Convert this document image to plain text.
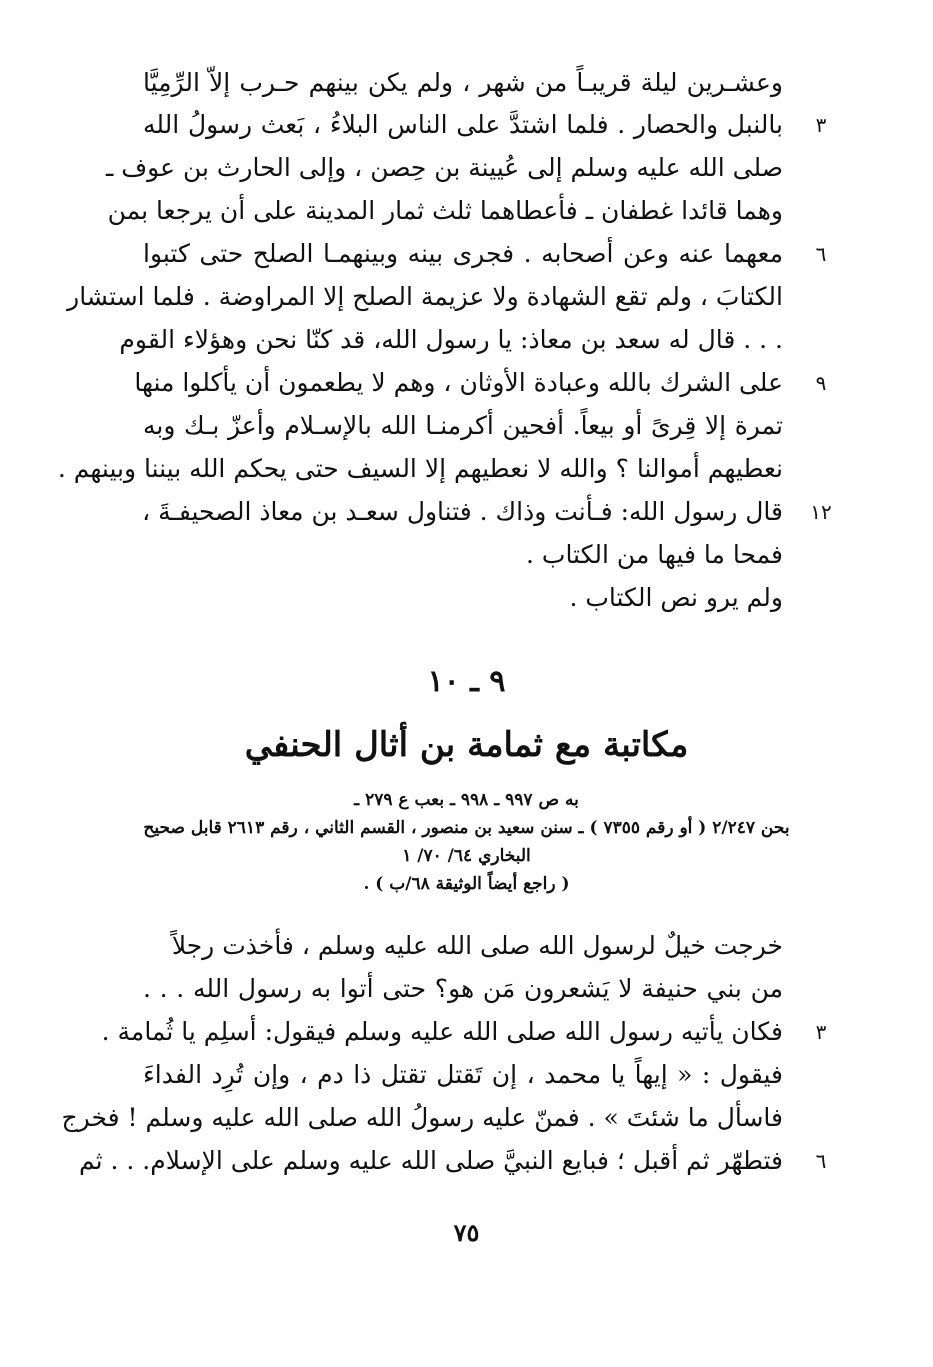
وعشـرين ليلة قريبـاً من شهر ، ولم يكن بينهم حـرب إلاّ الرِّمِيَّا
بالنبل والحصار . فلما اشتدَّ على الناس البلاءُ ، بَعث رسولُ الله	٣
صلى الله عليه وسلم إلى عُيينة بن حِصن ، وإلى الحارث بن عوف ـ
وهما قائدا غطفان ـ فأعطاهما ثلث ثمار المدينة على أن يرجعا بمن
معهما عنه وعن أصحابه . فجرى بينه وبينهمـا الصلح حتى كتبوا	٦
الكتابَ ، ولم تقع الشهادة ولا عزيمة الصلح إلا المراوضة . فلما استشار
. . . قال له سعد بن معاذ: يا رسول الله، قد كنّا نحن وهؤلاء القوم
على الشرك بالله وعبادة الأوثان ، وهم لا يطعمون أن يأكلوا منها	٩
تمرة إلا قِرىً أو بيعاً. أفحين أكرمنـا الله بالإسـلام وأعزّ بـك وبه
نعطيهم أموالنا ؟ والله لا نعطيهم إلا السيف حتى يحكم الله بيننا وبينهم .
قال رسول الله: فـأنت وذاك . فتناول سعـد بن معاذ الصحيفـةَ ،	١٢
فمحا ما فيها من الكتاب .
ولم يرو نص الكتاب .
٩ ـ ١٠
مكاتبة مع ثمامة بن أثال الحنفي
به ص ٩٩٧ ـ ٩٩٨ ـ بعب ع ٢٧٩ ـ
بحن ٢/٢٤٧ ( أو رقم ٧٣٥٥ ) ـ سنن سعيد بن منصور ، القسم الثاني ، رقم ٢٦١٣ قابل صحيح
البخاري ٦٤/ ٧٠/ ١
( راجع أيضاً الوثيقة ٦٨/ب ) .
خرجت خيلٌ لرسول الله صلى الله عليه وسلم ، فأخذت رجلاً
من بني حنيفة لا يَشعرون مَن هو؟ حتى أتوا به رسول الله . . .
فكان يأتيه رسول الله صلى الله عليه وسلم فيقول: أسلِم يا ثُمامة .	٣
فيقول : « إيهاً يا محمد ، إن تَقتل تقتل ذا دم ، وإن تُرِد الفداءَ
فاسأل ما شئتَ » . فمنّ عليه رسولُ الله صلى الله عليه وسلم ! فخرج
فتطهّر ثم أقبل ؛ فبايع النبيَّ صلى الله عليه وسلم على الإسلام. . . ثم	٦
٧٥
